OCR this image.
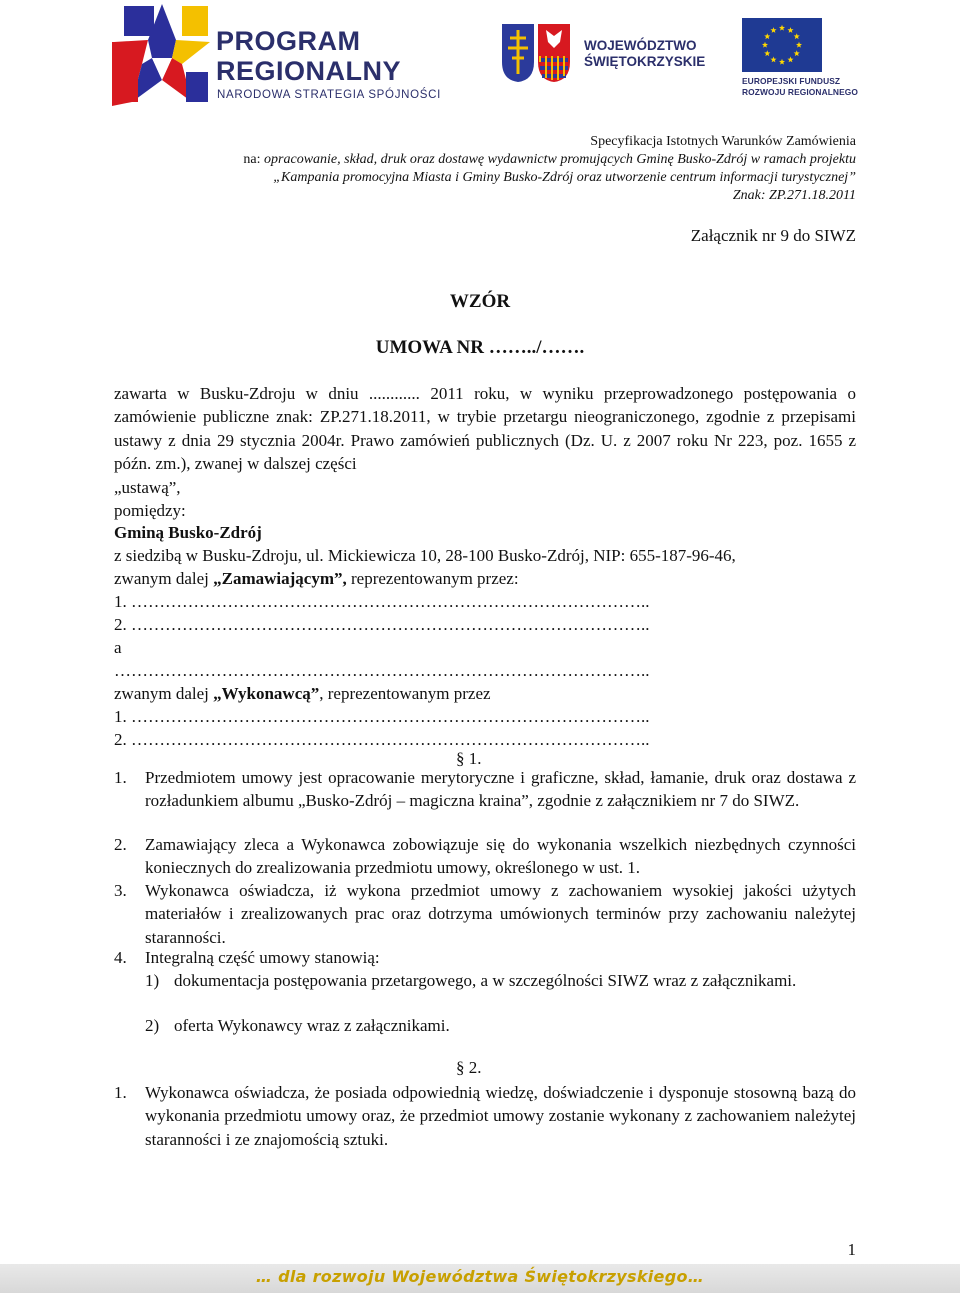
PROGRAM
REGIONALNY
NARODOWA STRATEGIA SPÓJNOŚCI
WOJEWÓDZTWO
ŚWIĘTOKRZYSKIE
EUROPEJSKI FUNDUSZ
ROZWOJU REGIONALNEGO
Specyfikacja Istotnych Warunków Zamówienia
na: opracowanie, skład, druk oraz dostawę wydawnictw promujących Gminę Busko-Zdrój w ramach projektu
„Kampania promocyjna Miasta i Gminy Busko-Zdrój oraz utworzenie centrum informacji turystycznej”
Znak: ZP.271.18.2011
Załącznik nr 9 do SIWZ
WZÓR
UMOWA NR ……../…….
zawarta w Busku-Zdroju w dniu ............ 2011 roku, w wyniku przeprowadzonego postępowania o zamówienie publiczne znak: ZP.271.18.2011, w trybie przetargu nieograniczonego, zgodnie z przepisami ustawy z dnia 29 stycznia 2004r. Prawo zamówień publicznych (Dz. U. z 2007 roku Nr 223, poz. 1655 z późn. zm.), zwanej w dalszej części
„ustawą”,
pomiędzy:
Gminą Busko-Zdrój
z siedzibą w Busku-Zdroju, ul. Mickiewicza 10, 28-100 Busko-Zdrój, NIP: 655-187-96-46,
zwanym dalej „Zamawiającym”, reprezentowanym przez:
1. ………………………………………………………………………………..
2. ………………………………………………………………………………..
a
…………………………………………………………………………………..
zwanym dalej „Wykonawcą”, reprezentowanym przez
1. ………………………………………………………………………………..
2. ………………………………………………………………………………..
§ 1.
1. Przedmiotem umowy jest opracowanie merytoryczne i graficzne, skład, łamanie, druk oraz dostawa z rozładunkiem albumu „Busko-Zdrój – magiczna kraina”, zgodnie z załącznikiem nr 7 do SIWZ.
2. Zamawiający zleca a Wykonawca zobowiązuje się do wykonania wszelkich niezbędnych czynności koniecznych do zrealizowania przedmiotu umowy, określonego w ust. 1.
3. Wykonawca oświadcza, iż wykona przedmiot umowy z zachowaniem wysokiej jakości użytych materiałów i zrealizowanych prac oraz dotrzyma umówionych terminów przy zachowaniu należytej staranności.
4. Integralną część umowy stanowią:
1) dokumentacja postępowania przetargowego, a w szczególności SIWZ wraz z załącznikami.
2) oferta Wykonawcy wraz z załącznikami.
§ 2.
1. Wykonawca oświadcza, że posiada odpowiednią wiedzę, doświadczenie i dysponuje stosowną bazą do wykonania przedmiotu umowy oraz, że przedmiot umowy zostanie wykonany z zachowaniem należytej staranności i ze znajomością sztuki.
1
… dla rozwoju Województwa Świętokrzyskiego…
